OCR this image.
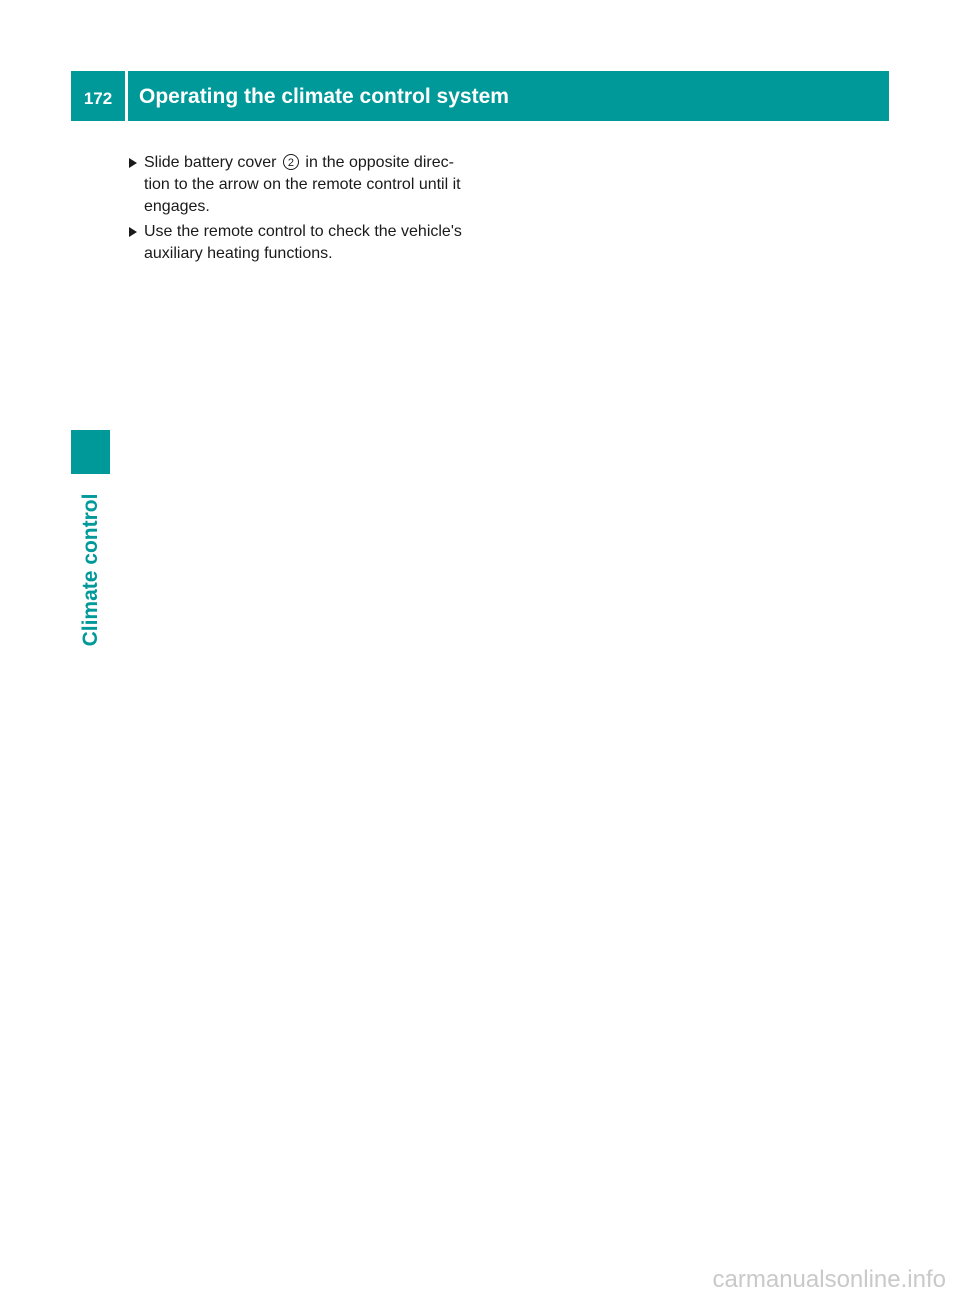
172	Operating the climate control system
Slide battery cover 2 in the opposite direction to the arrow on the remote control until it engages.
Use the remote control to check the vehicle's auxiliary heating functions.
Climate control
carmanualsonline.info
